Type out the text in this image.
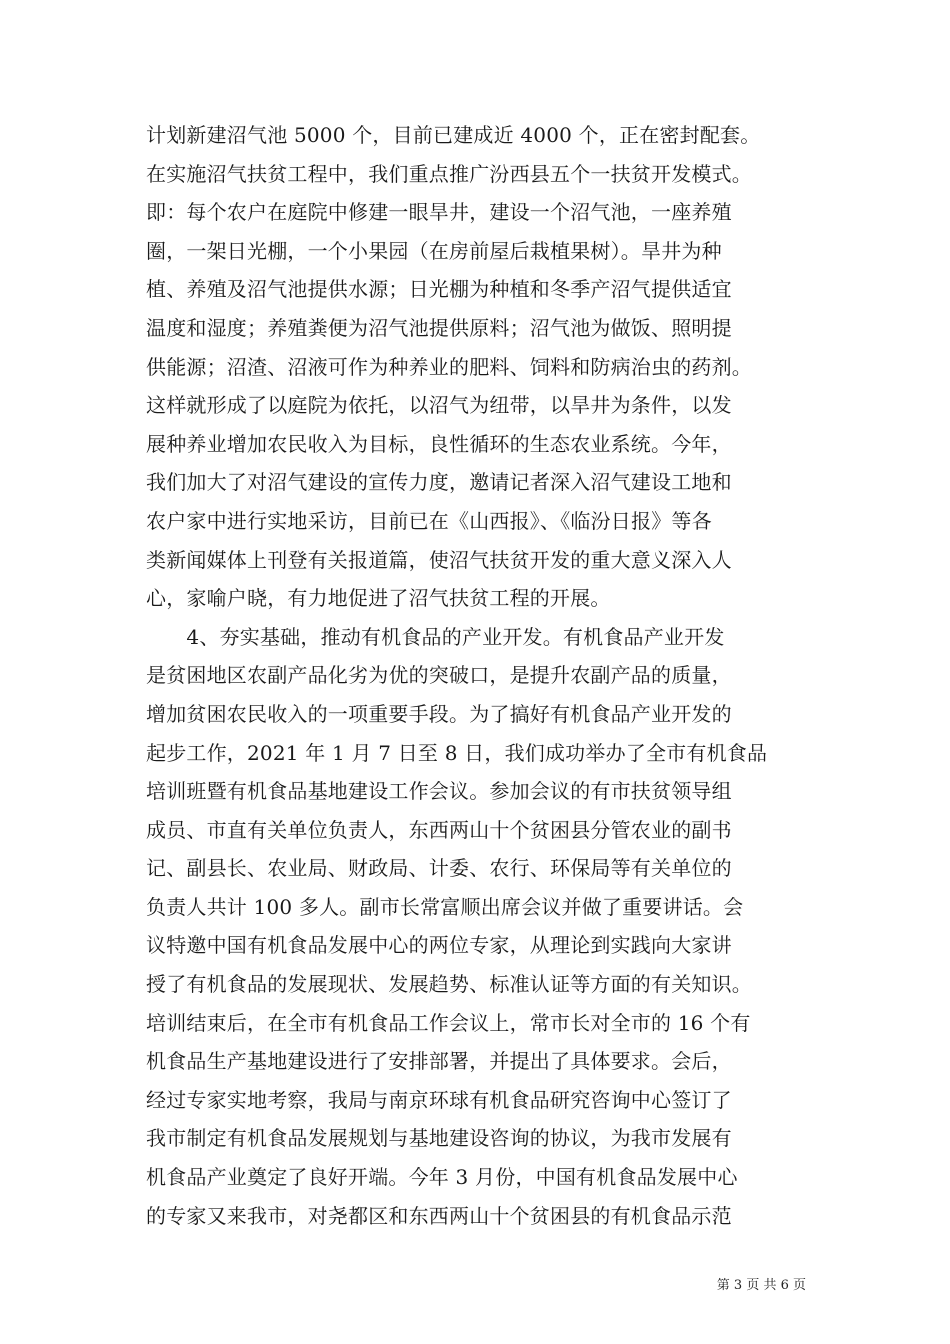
计划新建沼气池 5000 个，目前已建成近 4000 个，正在密封配套。
在实施沼气扶贫工程中，我们重点推广汾西县五个一扶贫开发模式。
即：每个农户在庭院中修建一眼旱井，建设一个沼气池，一座养殖
圈，一架日光棚，一个小果园（在房前屋后栽植果树）。旱井为种
植、养殖及沼气池提供水源；日光棚为种植和冬季产沼气提供适宜
温度和湿度；养殖粪便为沼气池提供原料；沼气池为做饭、照明提
供能源；沼渣、沼液可作为种养业的肥料、饲料和防病治虫的药剂。
这样就形成了以庭院为依托，以沼气为纽带，以旱井为条件，以发
展种养业增加农民收入为目标，良性循环的生态农业系统。今年，
我们加大了对沼气建设的宣传力度，邀请记者深入沼气建设工地和
农户家中进行实地采访，目前已在《山西报》、《临汾日报》等各
类新闻媒体上刊登有关报道篇，使沼气扶贫开发的重大意义深入人
心，家喻户晓，有力地促进了沼气扶贫工程的开展。
　　4、夯实基础，推动有机食品的产业开发。有机食品产业开发
是贫困地区农副产品化劣为优的突破口，是提升农副产品的质量，
增加贫困农民收入的一项重要手段。为了搞好有机食品产业开发的
起步工作，2021 年 1 月 7 日至 8 日，我们成功举办了全市有机食品
培训班暨有机食品基地建设工作会议。参加会议的有市扶贫领导组
成员、市直有关单位负责人，东西两山十个贫困县分管农业的副书
记、副县长、农业局、财政局、计委、农行、环保局等有关单位的
负责人共计 100 多人。副市长常富顺出席会议并做了重要讲话。会
议特邀中国有机食品发展中心的两位专家，从理论到实践向大家讲
授了有机食品的发展现状、发展趋势、标准认证等方面的有关知识。
培训结束后，在全市有机食品工作会议上，常市长对全市的 16 个有
机食品生产基地建设进行了安排部署，并提出了具体要求。会后，
经过专家实地考察，我局与南京环球有机食品研究咨询中心签订了
我市制定有机食品发展规划与基地建设咨询的协议，为我市发展有
机食品产业奠定了良好开端。今年 3 月份，中国有机食品发展中心
的专家又来我市，对尧都区和东西两山十个贫困县的有机食品示范
第 3 页 共 6 页
